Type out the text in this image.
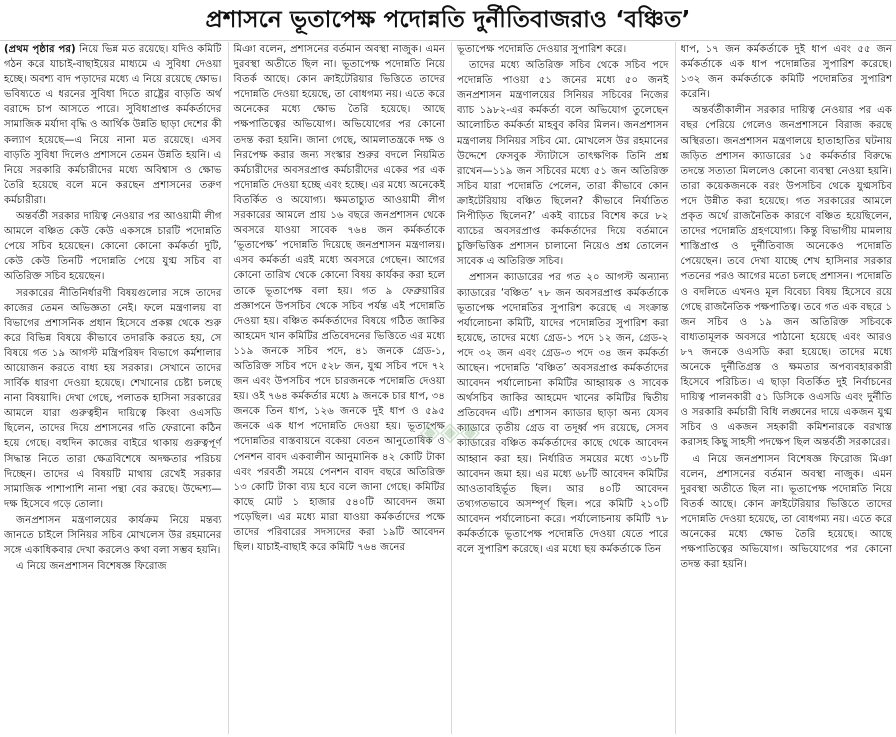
প্রশাসনে ভূতাপেক্ষ পদোন্নতি দুর্নীতিবাজরাও ‘বঞ্চিত’

(প্রথম পৃষ্ঠার পর) নিয়ে ভিন্ন মত রয়েছে। যদিও কমিটি গঠন করে যাচাই-বাছাইয়ের মাধ্যমে এ সুবিধা দেওয়া হচ্ছে। অবশ্য বাদ পড়াদের মধ্যে এ নিয়ে রয়েছে ক্ষোভ। ভবিষ্যতে এ ধরনের সুবিধা দিতে রাষ্ট্রের বাড়তি অর্থ বরাদ্দে চাপ আসতে পারে। সুবিধাপ্রাপ্ত কর্মকর্তাদের সামাজিক মর্যাদা বৃদ্ধি ও আর্থিক উন্নতি ছাড়া দেশের কী কল্যাণ হয়েছে—এ নিয়ে নানা মত রয়েছে। এসব বাড়তি সুবিধা দিলেও প্রশাসনে তেমন উন্নতি হয়নি। এ নিয়ে সরকারি কর্মচারীদের মধ্যে অবিশ্বাস ও ক্ষোভ তৈরি হয়েছে বলে মনে করছেন প্রশাসনের তরুণ কর্মচারীরা।

অন্তর্বর্তী সরকার দায়িত্ব নেওয়ার পর আওয়ামী লীগ আমলে বঞ্চিত কেউ কেউ একসঙ্গে চারটি পদোন্নতি পেয়ে সচিব হয়েছেন। কোনো কোনো কর্মকর্তা দুটি, কেউ কেউ তিনটি পদোন্নতি পেয়ে যুগ্ম সচিব বা অতিরিক্ত সচিব হয়েছেন।

সরকারের নীতিনির্ধারণী বিষয়গুলোর সঙ্গে তাদের কাজের তেমন অভিজ্ঞতা নেই। ফলে মন্ত্রণালয় বা বিভাগের প্রশাসনিক প্রধান হিসেবে প্রকল্প থেকে শুরু করে বিভিন্ন বিষয়ে কীভাবে তদারকি করতে হয়, সে বিষয়ে গত ১৯ আগস্ট মন্ত্রিপরিষদ বিভাগে কর্মশালার আয়োজন করতে বাধ্য হয় সরকার। সেখানে তাদের সার্বিক ধারণা দেওয়া হয়েছে। শেখানোর চেষ্টা চলছে নানা বিষয়াদি। দেখা গেছে, পলাতক হাসিনা সরকারের আমলে যারা গুরুত্বহীন দায়িত্বে কিংবা ওএসডি ছিলেন, তাদের দিয়ে প্রশাসনের গতি ফেরানো কঠিন হয়ে গেছে। বহুদিন কাজের বাইরে থাকায় গুরুত্বপূর্ণ সিদ্ধান্ত নিতে তারা ক্ষেত্রবিশেষে অদক্ষতার পরিচয় দিচ্ছেন। তাদের এ বিষয়টি মাথায় রেখেই সরকার সামাজিক পাশাপাশি নানা পন্থা বের করছে। উদ্দেশ্য—দক্ষ হিসেবে গড়ে তোলা।

জনপ্রশাসন মন্ত্রণালয়ের কার্যক্রম নিয়ে মন্তব্য জানতে চাইলে সিনিয়র সচিব মোখলেস উর রহমানের সঙ্গে একাধিকবার দেখা করলেও কথা বলা সম্ভব হয়নি।

এ নিয়ে জনপ্রশাসন বিশেষজ্ঞ ফিরোজ

মিঞা বলেন, প্রশাসনের বর্তমান অবস্থা নাজুক। এমন দুরবস্থা অতীতে ছিল না। ভূতাপেক্ষ পদোন্নতি নিয়ে বিতর্ক আছে। কোন ক্রাইটেরিয়ার ভিত্তিতে তাদের পদোন্নতি দেওয়া হয়েছে, তা বোধগম্য নয়। এতে করে অনেকের মধ্যে ক্ষোভ তৈরি হয়েছে। আছে পক্ষপাতিত্বের অভিযোগ। অভিযোগের পর কোনো তদন্ত করা হয়নি। জানা গেছে, আমলাতন্ত্রকে দক্ষ ও নিরপেক্ষ করার জন্য সংস্কার শুরুর বদলে নিয়মিত কর্মচারীদের অবসরপ্রাপ্ত কর্মচারীদের একের পর এক পদোন্নতি দেওয়া হচ্ছে এবং হচ্ছে। এর মধ্যে অনেকেই বিতর্কিত ও অযোগ্য। ক্ষমতাচ্যুত আওয়ামী লীগ সরকারের আমলে প্রায় ১৬ বছরে জনপ্রশাসন থেকে অবসরে যাওয়া সাবেক ৭৬৪ জন কর্মকর্তাকে ‘ভূতাপেক্ষ’ পদোন্নতি দিয়েছে জনপ্রশাসন মন্ত্রণালয়। এসব কর্মকর্তা এরই মধ্যে অবসরে গেছেন। আগের কোনো তারিখ থেকে কোনো বিষয় কার্যকর করা হলে তাকে ভূতাপেক্ষ বলা হয়। গত ৯ ফেব্রুয়ারির প্রজ্ঞাপনে উপসচিব থেকে সচিব পর্যন্ত এই পদোন্নতি দেওয়া হয়। বঞ্চিত কর্মকর্তাদের বিষয়ে গঠিত জাকির আহমেদ খান কমিটির প্রতিবেদনের ভিত্তিতে এর মধ্যে ১১৯ জনকে সচিব পদে, ৪১ জনকে গ্রেড-১, অতিরিক্ত সচিব পদে ৫২৮ জন, যুগ্ম সচিব পদে ৭২ জন এবং উপসচিব পদে চারজনকে পদোন্নতি দেওয়া হয়। ওই ৭৬৪ কর্মকর্তার মধ্যে ৯ জনকে চার ধাপ, ৩৪ জনকে তিন ধাপ, ১২৬ জনকে দুই ধাপ ও ৫৯৫ জনকে এক ধাপ পদোন্নতি দেওয়া হয়। ভূতাপেক্ষ পদোন্নতির বাস্তবায়নে বকেয়া বেতন আনুতোষিক ও পেনশন বাবদ একবালীন আনুমানিক ৪২ কোটি টাকা এবং পরবর্তী সময়ে পেনশন বাবদ বছরে অতিরিক্ত ১৩ কোটি টাকা ব্যয় হবে বলে জানা গেছে। কমিটির কাছে মোট ১ হাজার ৫৪০টি আবেদন জমা পড়েছিল। এর মধ্যে মারা যাওয়া কর্মকর্তাদের পক্ষে তাদের পরিবারের সদস্যদের করা ১৯টি আবেদন ছিল। যাচাই-বাছাই করে কমিটি ৭৬৪ জনের

ভূতাপেক্ষ পদোন্নতি দেওয়ার সুপারিশ করে।

তাদের মধ্যে অতিরিক্ত সচিব থেকে সচিব পদে পদোন্নতি পাওয়া ৫১ জনের মধ্যে ৫০ জনই জনপ্রশাসন মন্ত্রণালয়ের সিনিয়র সচিবের নিজের ব্যাচ ১৯৮২-এর কর্মকর্তা বলে অভিযোগ তুলেছেন আলোচিত কর্মকর্তা মাহবুব কবির মিলন। জনপ্রশাসন মন্ত্রণালয় সিনিয়র সচিব মো. মোখলেস উর রহমানের উদ্দেশে ফেসবুক স্ট্যাটাসে তাৎক্ষণিক তিনি প্রশ্ন রাখেন—১১৯ জন সচিবের মধ্যে ৫১ জন অতিরিক্ত সচিব যারা পদোন্নতি পেলেন, তারা কীভাবে কোন ক্রাইটেরিয়ায় বঞ্চিত ছিলেন? কীভাবে নির্যাতিত নিপীড়িত ছিলেন?’ একই ব্যাচের বিশেষ করে ৮২ ব্যাচের অবসরপ্রাপ্ত কর্মকর্তাদের দিয়ে বর্তমানে চুক্তিভিত্তিক প্রশাসন চালানো নিয়েও প্রশ্ন তোলেন সাবেক এ অতিরিক্ত সচিব।

প্রশাসন ক্যাডারের পর গত ২০ আগস্ট অন্যান্য ক্যাডারের ‘বঞ্চিত’ ৭৮ জন অবসরপ্রাপ্ত কর্মকর্তাকে ভূতাপেক্ষ পদোন্নতির সুপারিশ করেছে এ সংক্রান্ত পর্যালোচনা কমিটি, যাদের পদোন্নতির সুপারিশ করা হয়েছে, তাদের মধ্যে গ্রেড-১ পদে ১২ জন, গ্রেড-২ পদে ৩২ জন এবং গ্রেড-৩ পদে ৩৪ জন কর্মকর্তা আছেন। পদোন্নতি ‘বঞ্চিত’ অবসরপ্রাপ্ত কর্মকর্তাদের আবেদন পর্যালোচনা কমিটির আহ্বায়ক ও সাবেক অর্থসচিব জাকির আহমেদ খানের কমিটির দ্বিতীয় প্রতিবেদন এটি। প্রশাসন ক্যাডার ছাড়া অন্য যেসব ক্যাডারে তৃতীয় গ্রেড বা তদূর্ধ্ব পদ রয়েছে, সেসব ক্যাডারের বঞ্চিত কর্মকর্তাদের কাছে থেকে আবেদন আহ্বান করা হয়। নির্ধারিত সময়ের মধ্যে ৩১৮টি আবেদন জমা হয়। এর মধ্যে ৬৮টি আবেদন কমিটির আওতাবহির্ভূত ছিল। আর ৪০টি আবেদন তথ্যগতভাবে অসম্পূর্ণ ছিল। পরে কমিটি ২১০টি আবেদন পর্যালোচনা করে। পর্যালোচনায় কমিটি ৭৮ কর্মকর্তাকে ভূতাপেক্ষ পদোন্নতি দেওয়া যেতে পারে বলে সুপারিশ করেছে। এর মধ্যে ছয় কর্মকর্তাকে তিন

ধাপ, ১৭ জন কর্মকর্তাকে দুই ধাপ এবং ৫৫ জন কর্মকর্তাকে এক ধাপ পদোন্নতির সুপারিশ করেছে। ১৩২ জন কর্মকর্তাকে কমিটি পদোন্নতির সুপারিশ করেনি।

অন্তর্বর্তীকালীন সরকার দায়িত্ব নেওয়ার পর এক বছর পেরিয়ে গেলেও জনপ্রশাসনে বিরাজ করছে অস্থিরতা। জনপ্রশাসন মন্ত্রণালয়ে হাতাহাতির ঘটনায় জড়িত প্রশাসন ক্যাডারের ১৫ কর্মকর্তার বিরুদ্ধে তদন্তে সত্যতা মিললেও কোনো ব্যবস্থা নেওয়া হয়নি। তারা কয়েকজনকে বরং উপসচিব থেকে যুগ্মসচিব পদে উন্নীত করা হয়েছে। গত সরকারের আমলে প্রকৃত অর্থে রাজনৈতিক কারণে বঞ্চিত হয়েছিলেন, তাদের পদোন্নতি গ্রহণযোগ্য। কিন্তু বিভাগীয় মামলায় শাস্তিপ্রাপ্ত ও দুর্নীতিবাজ অনেকেও পদোন্নতি পেয়েছেন। তবে দেখা যাচ্ছে শেখ হাসিনার সরকার পতনের পরও আগের মতো চলছে প্রশাসন। পদোন্নতি ও বদলিতে এখনও মূল বিবেচ্য বিষয় হিসেবে রয়ে গেছে রাজনৈতিক পক্ষপাতিত্ব। তবে গত এক বছরে ১ জন সচিব ও ১৯ জন অতিরিক্ত সচিবকে বাধ্যতামূলক অবসরে পাঠানো হয়েছে এবং আরও ৮৭ জনকে ওএসডি করা হয়েছে। তাদের মধ্যে অনেকে দুর্নীতিগ্রস্ত ও ক্ষমতার অপব্যবহারকারী হিসেবে পরিচিত। এ ছাড়া বিতর্কিত দুই নির্বাচনের দায়িত্ব পালনকারী ৫১ ডিসিকে ওএসডি এবং দুর্নীতি ও সরকারি কর্মচারী বিধি লঙ্ঘনের দায়ে একজন যুগ্ম সচিব ও একজন সহকারী কমিশনারকে বরখাস্ত করাসহ কিছু সাহসী পদক্ষেপ ছিল অন্তর্বর্তী সরকারের।

এ নিয়ে জনপ্রশাসন বিশেষজ্ঞ ফিরোজ মিঞা বলেন, প্রশাসনের বর্তমান অবস্থা নাজুক। এমন দুরবস্থা অতীতে ছিল না। ভূতাপেক্ষ পদোন্নতি নিয়ে বিতর্ক আছে। কোন ক্রাইটেরিয়ার ভিত্তিতে তাদের পদোন্নতি দেওয়া হয়েছে, তা বোধগম্য নয়। এতে করে অনেকের মধ্যে ক্ষোভ তৈরি হয়েছে। আছে পক্ষপাতিত্বের অভিযোগ। অভিযোগের পর কোনো তদন্ত করা হয়নি।

◈◈◈
